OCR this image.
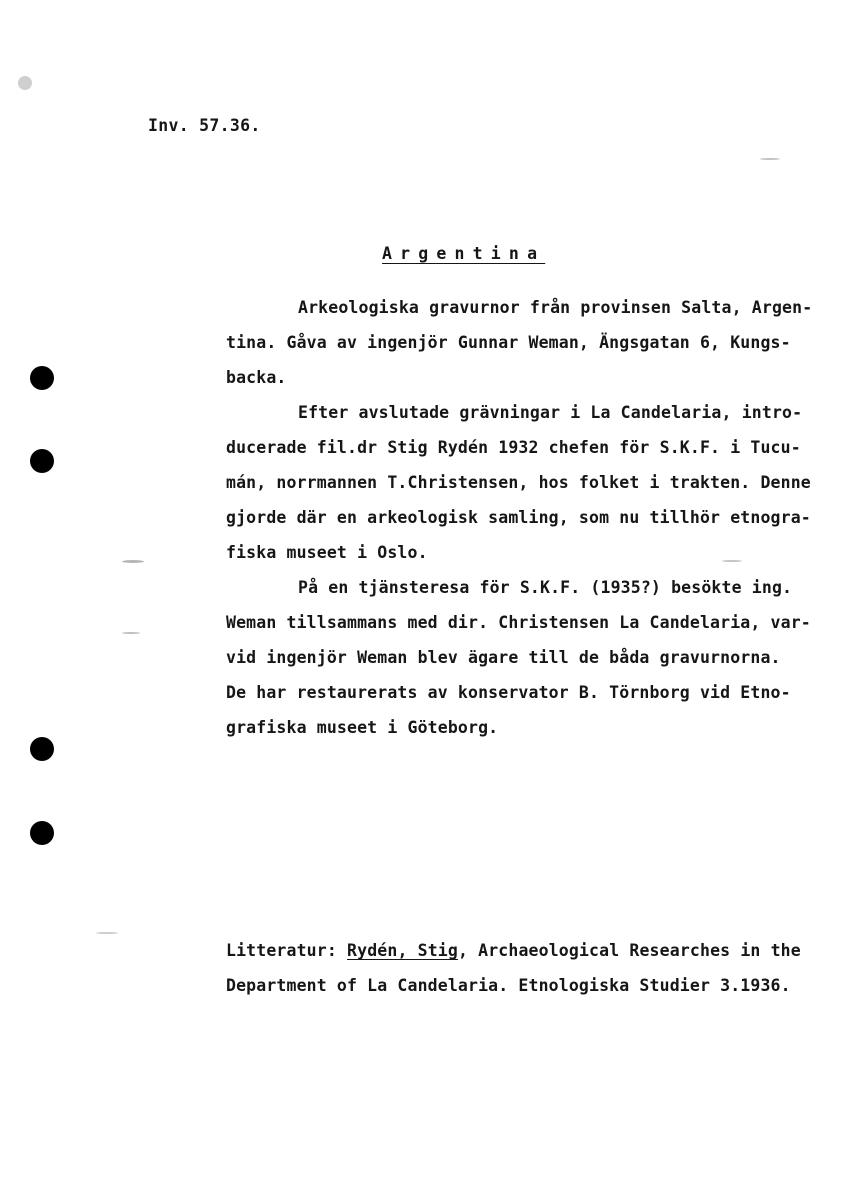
Inv. 57.36.
Argentina
Arkeologiska gravurnor från provinsen Salta, Argen-
tina. Gåva av ingenjör Gunnar Weman, Ängsgatan 6, Kungs-
backa.
Efter avslutade grävningar i La Candelaria, intro-
ducerade fil.dr Stig Rydén 1932 chefen för S.K.F. i Tucu-
mán, norrmannen T.Christensen, hos folket i trakten. Denne
gjorde där en arkeologisk samling, som nu tillhör etnogra-
fiska museet i Oslo.
På en tjänsteresa för S.K.F. (1935?) besökte ing.
Weman tillsammans med dir. Christensen La Candelaria, var-
vid ingenjör Weman blev ägare till de båda gravurnorna.
De har restaurerats av konservator B. Törnborg vid Etno-
grafiska museet i Göteborg.
Litteratur: Rydén, Stig, Archaeological Researches in the
Department of La Candelaria. Etnologiska Studier 3.1936.
